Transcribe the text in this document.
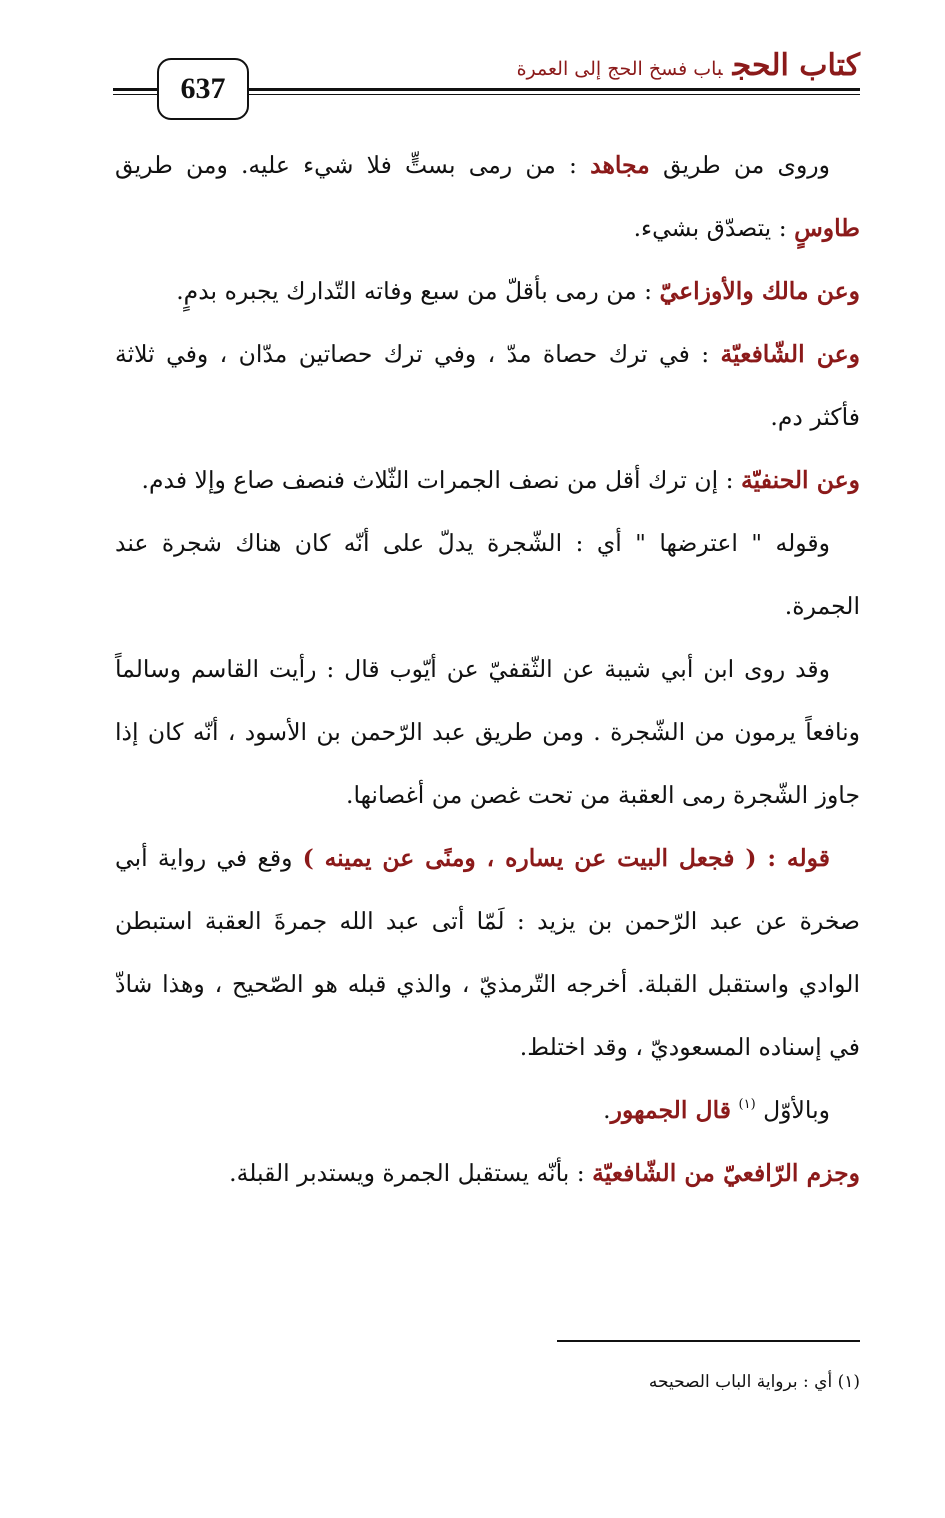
637
كتاب الحجباب فسخ الحج إلى العمرة

وروى من طريق مجاهد : من رمى بستٍّ فلا شيء عليه. ومن طريق طاوسٍ : يتصدّق بشيء.

وعن مالك والأوزاعيّ : من رمى بأقلّ من سبع وفاته التّدارك يجبره بدمٍ.

وعن الشّافعيّة : في ترك حصاة مدّ ، وفي ترك حصاتين مدّان ، وفي ثلاثة فأكثر دم.

وعن الحنفيّة : إن ترك أقل من نصف الجمرات الثّلاث فنصف صاع وإلا فدم.

وقوله " اعترضها " أي : الشّجرة يدلّ على أنّه كان هناك شجرة عند الجمرة.

وقد روى ابن أبي شيبة عن الثّقفيّ عن أيّوب قال : رأيت القاسم وسالماً ونافعاً يرمون من الشّجرة . ومن طريق عبد الرّحمن بن الأسود ، أنّه كان إذا جاوز الشّجرة رمى العقبة من تحت غصن من أغصانها.

قوله : ( فجعل البيت عن يساره ، ومنًى عن يمينه ) وقع في رواية أبي صخرة عن عبد الرّحمن بن يزيد : لَمّا أتى عبد الله جمرةَ العقبة استبطن الوادي واستقبل القبلة. أخرجه التّرمذيّ ، والذي قبله هو الصّحيح ، وهذا شاذّ في إسناده المسعوديّ ، وقد اختلط.

وبالأوّل $^{(١)}$ قال الجمهور.

وجزم الرّافعيّ من الشّافعيّة : بأنّه يستقبل الجمرة ويستدبر القبلة.

(١) أي : برواية الباب الصحيحه
